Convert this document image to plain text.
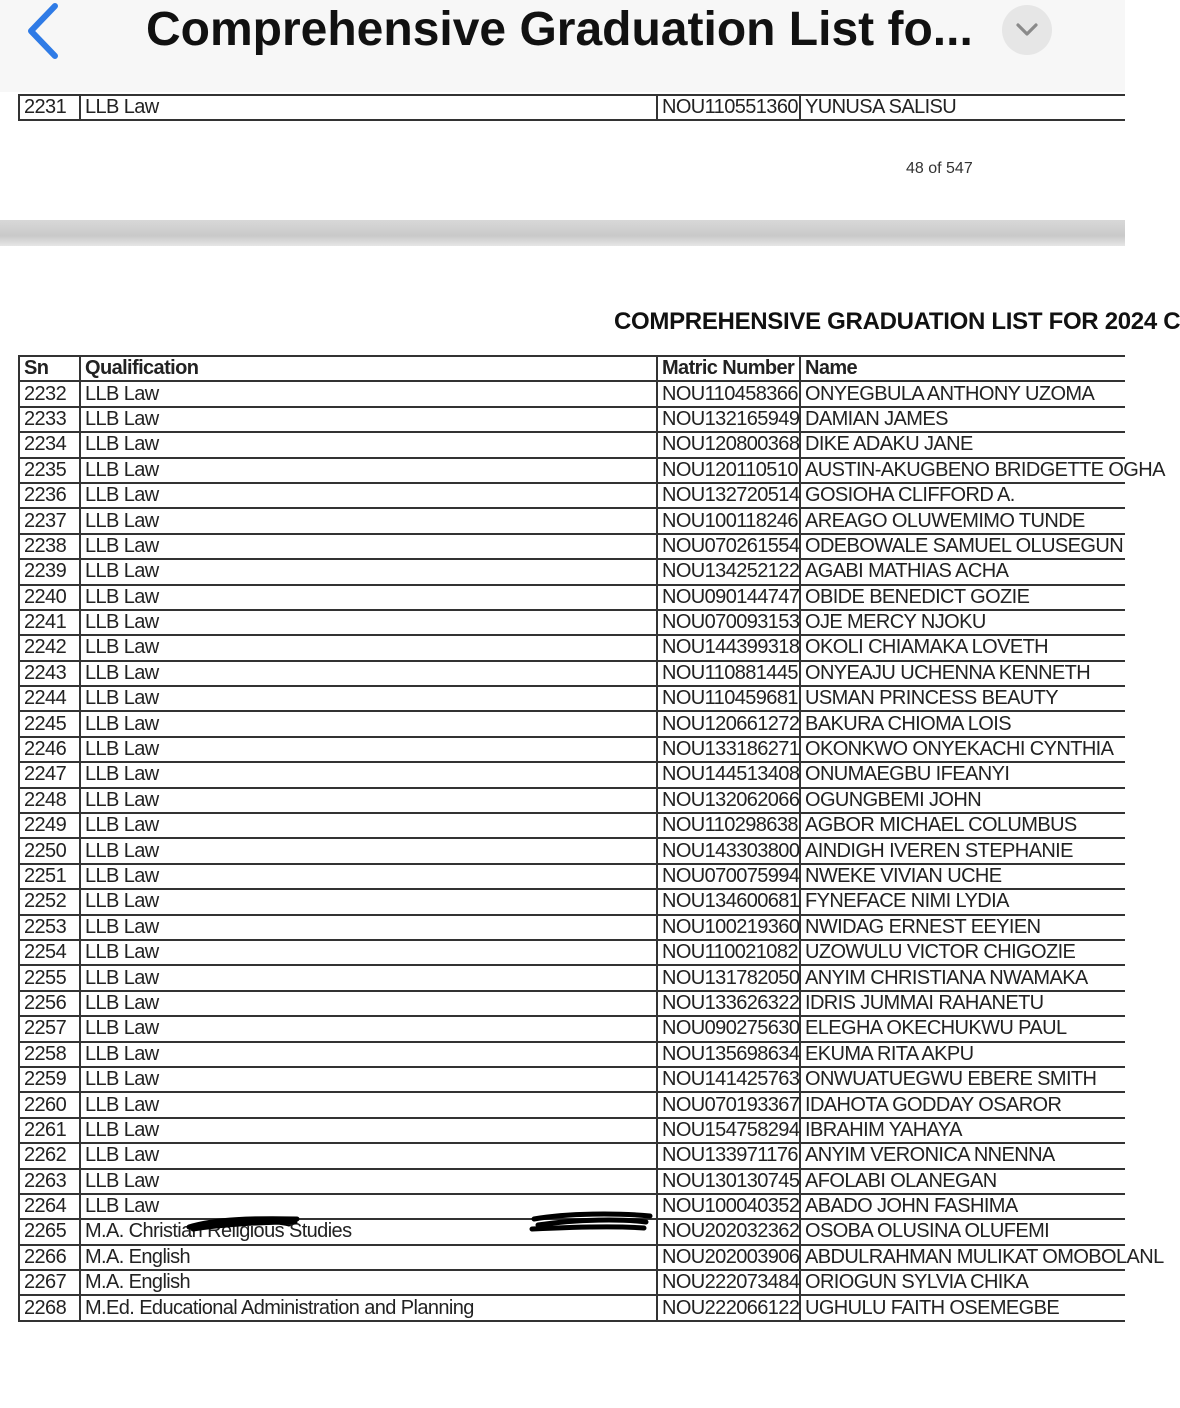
Comprehensive Graduation List fo...
2231	LLB Law	NOU110551360	YUNUSA SALISU
48 of 547
COMPREHENSIVE GRADUATION LIST FOR 2024 C
Sn	Qualification	Matric Number	Name
2232	LLB Law	NOU110458366	ONYEGBULA ANTHONY UZOMA
2233	LLB Law	NOU132165949	DAMIAN JAMES
2234	LLB Law	NOU120800368	DIKE ADAKU JANE
2235	LLB Law	NOU120110510	AUSTIN-AKUGBENO BRIDGETTE OGHA
2236	LLB Law	NOU132720514	GOSIOHA CLIFFORD A.
2237	LLB Law	NOU100118246	AREAGO OLUWEMIMO TUNDE
2238	LLB Law	NOU070261554	ODEBOWALE SAMUEL OLUSEGUN
2239	LLB Law	NOU134252122	AGABI MATHIAS ACHA
2240	LLB Law	NOU090144747	OBIDE BENEDICT GOZIE
2241	LLB Law	NOU070093153	OJE MERCY NJOKU
2242	LLB Law	NOU144399318	OKOLI CHIAMAKA LOVETH
2243	LLB Law	NOU110881445	ONYEAJU UCHENNA KENNETH
2244	LLB Law	NOU110459681	USMAN PRINCESS BEAUTY
2245	LLB Law	NOU120661272	BAKURA CHIOMA LOIS
2246	LLB Law	NOU133186271	OKONKWO ONYEKACHI CYNTHIA
2247	LLB Law	NOU144513408	ONUMAEGBU IFEANYI
2248	LLB Law	NOU132062066	OGUNGBEMI JOHN
2249	LLB Law	NOU110298638	AGBOR MICHAEL COLUMBUS
2250	LLB Law	NOU143303800	AINDIGH IVEREN STEPHANIE
2251	LLB Law	NOU070075994	NWEKE VIVIAN UCHE
2252	LLB Law	NOU134600681	FYNEFACE NIMI LYDIA
2253	LLB Law	NOU100219360	NWIDAG ERNEST EEYIEN
2254	LLB Law	NOU110021082	UZOWULU VICTOR CHIGOZIE
2255	LLB Law	NOU131782050	ANYIM CHRISTIANA NWAMAKA
2256	LLB Law	NOU133626322	IDRIS JUMMAI RAHANETU
2257	LLB Law	NOU090275630	ELEGHA OKECHUKWU PAUL
2258	LLB Law	NOU135698634	EKUMA RITA AKPU
2259	LLB Law	NOU141425763	ONWUATUEGWU EBERE SMITH
2260	LLB Law	NOU070193367	IDAHOTA GODDAY OSAROR
2261	LLB Law	NOU154758294	IBRAHIM YAHAYA
2262	LLB Law	NOU133971176	ANYIM VERONICA NNENNA
2263	LLB Law	NOU130130745	AFOLABI OLANEGAN
2264	LLB Law	NOU100040352	ABADO JOHN FASHIMA
2265	M.A. Christian Religious Studies	NOU202032362	OSOBA OLUSINA OLUFEMI
2266	M.A. English	NOU202003906	ABDULRAHMAN MULIKAT OMOBOLANL
2267	M.A. English	NOU222073484	ORIOGUN SYLVIA CHIKA
2268	M.Ed. Educational Administration and Planning	NOU222066122	UGHULU FAITH OSEMEGBE
